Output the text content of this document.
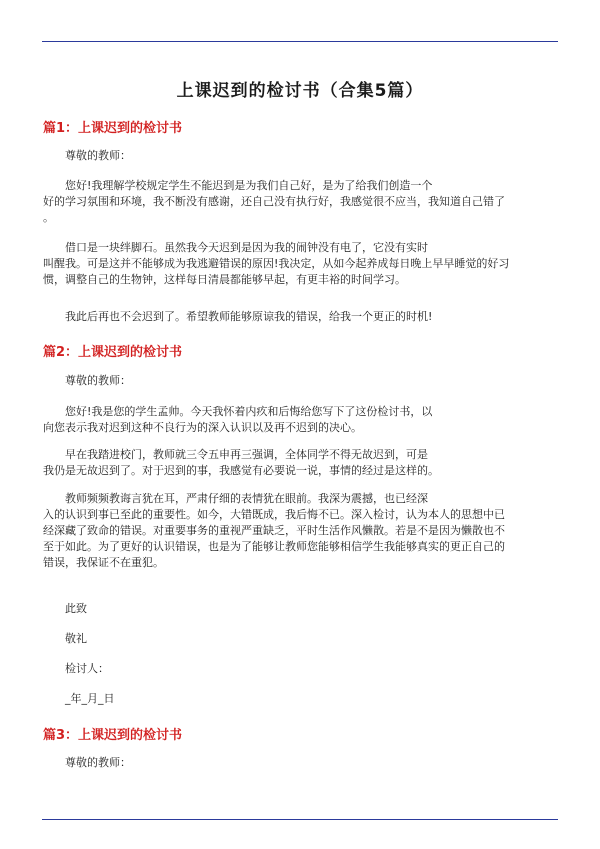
上课迟到的检讨书（合集5篇）
篇1：上课迟到的检讨书
尊敬的教师：
您好!我理解学校规定学生不能迟到是为我们自己好，是为了给我们创造一个
好的学习氛围和环境，我不断没有感谢，还自己没有执行好，我感觉很不应当，我知道自己错了
。
借口是一块绊脚石。虽然我今天迟到是因为我的闹钟没有电了，它没有实时
叫醒我。可是这并不能够成为我逃避错误的原因!我决定，从如今起养成每日晚上早早睡觉的好习
惯，调整自己的生物钟，这样每日清晨都能够早起，有更丰裕的时间学习。
我此后再也不会迟到了。希望教师能够原谅我的错误，给我一个更正的时机!
篇2：上课迟到的检讨书
尊敬的教师：
您好!我是您的学生孟帅。今天我怀着内疚和后悔给您写下了这份检讨书，以
向您表示我对迟到这种不良行为的深入认识以及再不迟到的决心。
早在我踏进校门，教师就三令五申再三强调，全体同学不得无故迟到，可是
我仍是无故迟到了。对于迟到的事，我感觉有必要说一说，事情的经过是这样的。
教师频频教诲言犹在耳，严肃仔细的表情犹在眼前。我深为震撼，也已经深
入的认识到事已至此的重要性。如今，大错既成，我后悔不已。深入检讨，认为本人的思想中已
经深藏了致命的错误。对重要事务的重视严重缺乏，平时生活作风懒散。若是不是因为懒散也不
至于如此。为了更好的认识错误，也是为了能够让教师您能够相信学生我能够真实的更正自己的
错误，我保证不在重犯。
此致
敬礼
检讨人：
_年_月_日
篇3：上课迟到的检讨书
尊敬的教师：
